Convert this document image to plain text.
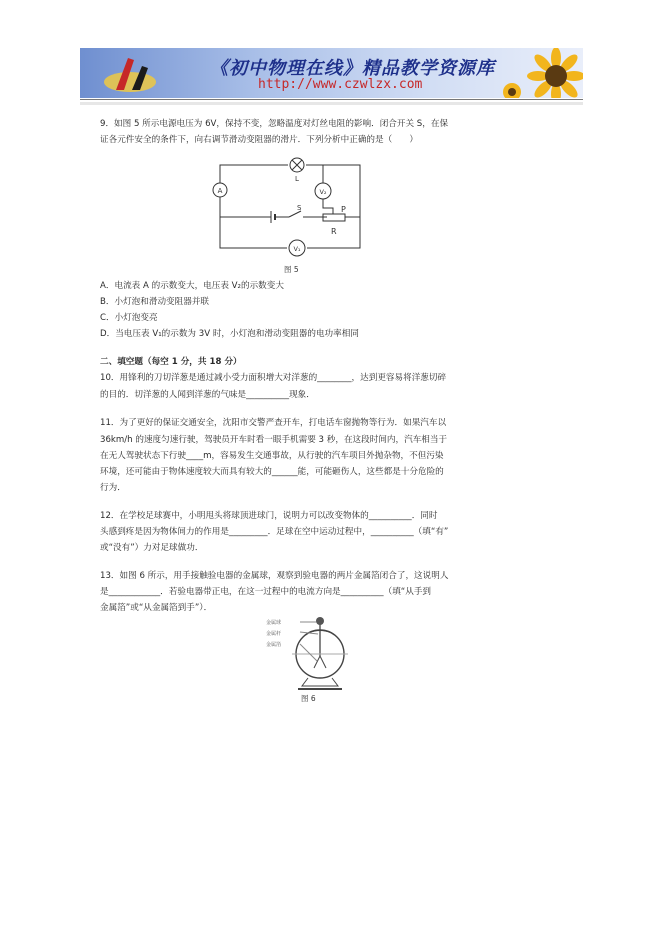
《初中物理在线》精品教学资源库
http://www.czwlzx.com
9．如图 5 所示电源电压为 6V，保持不变，忽略温度对灯丝电阻的影响．闭合开关 S，在保
证各元件安全的条件下，向右调节滑动变阻器的滑片．下列分析中正确的是（　　）
A	V₂
V₁
L
S	P
R
图 5
A．电流表 A 的示数变大，电压表 V₂的示数变大
B．小灯泡和滑动变阻器并联
C．小灯泡变亮
D．当电压表 V₁的示数为 3V 时，小灯泡和滑动变阻器的电功率相同
二、填空题（每空 1 分，共 18 分）
10．用锋利的刀切洋葱是通过减小受力面积增大对洋葱的________，达到更容易将洋葱切碎
的目的．切洋葱的人闻到洋葱的气味是__________现象．
11．为了更好的保证交通安全，沈阳市交警严查开车，打电话车窗抛物等行为．如果汽车以
36km/h 的速度匀速行驶，驾驶员开车时看一眼手机需要 3 秒，在这段时间内，汽车相当于
在无人驾驶状态下行驶____m，容易发生交通事故，从行驶的汽车项目外抛杂物，不但污染
环境，还可能由于物体速度较大而具有较大的______能，可能砸伤人，这些都是十分危险的
行为．
12．在学校足球赛中，小明甩头将球顶进球门，说明力可以改变物体的__________．同时
头感到疼是因为物体间力的作用是_________．足球在空中运动过程中，__________（填“有”
或“没有”）力对足球做功．
13．如图 6 所示，用手接触验电器的金属球，观察到验电器的两片金属箔闭合了，这说明人
是____________．若验电器带正电，在这一过程中的电流方向是__________（填“从手到
金属箔”或“从金属箔到手”）．
金属球
金属杆
金属箔
图 6
